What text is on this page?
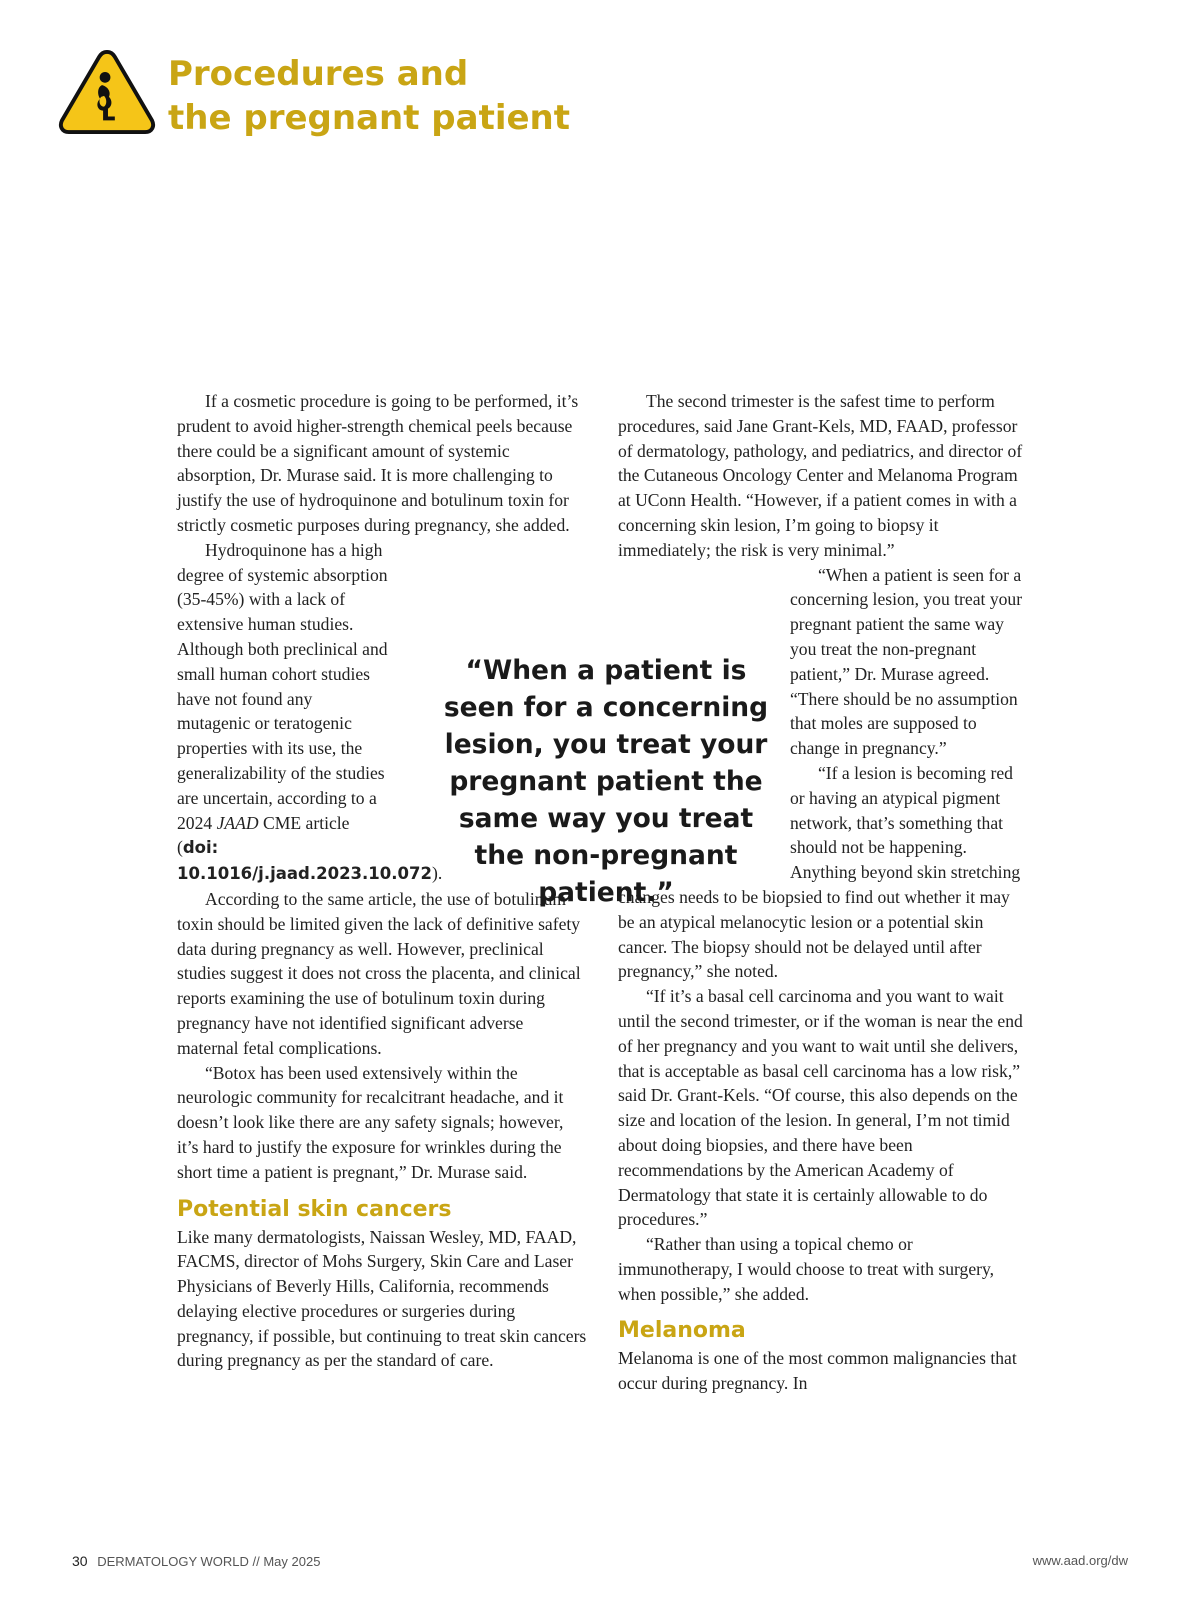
Procedures and
the pregnant patient

If a cosmetic procedure is going to be performed, it’s prudent to avoid higher-strength chemical peels because there could be a significant amount of systemic absorption, Dr. Murase said. It is more challenging to justify the use of hydroquinone and botulinum toxin for strictly cosmetic purposes during pregnancy, she added.

Hydroquinone has a high degree of systemic absorption (35-45%) with a lack of extensive human studies. Although both preclinical and small human cohort studies have not found any mutagenic or teratogenic properties with its use, the generalizability of the studies are uncertain, according to a 2024 JAAD CME article (doi: 10.1016/j.jaad.2023.10.072).

According to the same article, the use of botulinum toxin should be limited given the lack of definitive safety data during pregnancy as well. However, preclinical studies suggest it does not cross the placenta, and clinical reports examining the use of botulinum toxin during pregnancy have not identified significant adverse maternal fetal complications.

“Botox has been used extensively within the neurologic community for recalcitrant headache, and it doesn’t look like there are any safety signals; however, it’s hard to justify the exposure for wrinkles during the short time a patient is pregnant,” Dr. Murase said.

Potential skin cancers

Like many dermatologists, Naissan Wesley, MD, FAAD, FACMS, director of Mohs Surgery, Skin Care and Laser Physicians of Beverly Hills, California, recommends delaying elective procedures or surgeries during pregnancy, if possible, but continuing to treat skin cancers during pregnancy as per the standard of care.

The second trimester is the safest time to perform procedures, said Jane Grant-Kels, MD, FAAD, professor of dermatology, pathology, and pediatrics, and director of the Cutaneous Oncology Center and Melanoma Program at UConn Health. “However, if a patient comes in with a concerning skin lesion, I’m going to biopsy it immediately; the risk is very minimal.”

“When a patient is seen for a concerning lesion, you treat your pregnant patient the same way you treat the non-pregnant patient,” Dr. Murase agreed. “There should be no assumption that moles are supposed to change in pregnancy.”

“If a lesion is becoming red or having an atypical pigment network, that’s something that should not be happening. Anything beyond skin stretching changes needs to be biopsied to find out whether it may be an atypical melanocytic lesion or a potential skin cancer. The biopsy should not be delayed until after pregnancy,” she noted.

“If it’s a basal cell carcinoma and you want to wait until the second trimester, or if the woman is near the end of her pregnancy and you want to wait until she delivers, that is acceptable as basal cell carcinoma has a low risk,” said Dr. Grant-Kels. “Of course, this also depends on the size and location of the lesion. In general, I’m not timid about doing biopsies, and there have been recommendations by the American Academy of Dermatology that state it is certainly allowable to do procedures.”

“Rather than using a topical chemo or immunotherapy, I would choose to treat with surgery, when possible,” she added.

Melanoma

Melanoma is one of the most common malignancies that occur during pregnancy. In

“When a patient is seen for a concerning lesion, you treat your pregnant patient the same way you treat the non-pregnant patient.”
30 DERMATOLOGY WORLD // May 2025	www.aad.org/dw
